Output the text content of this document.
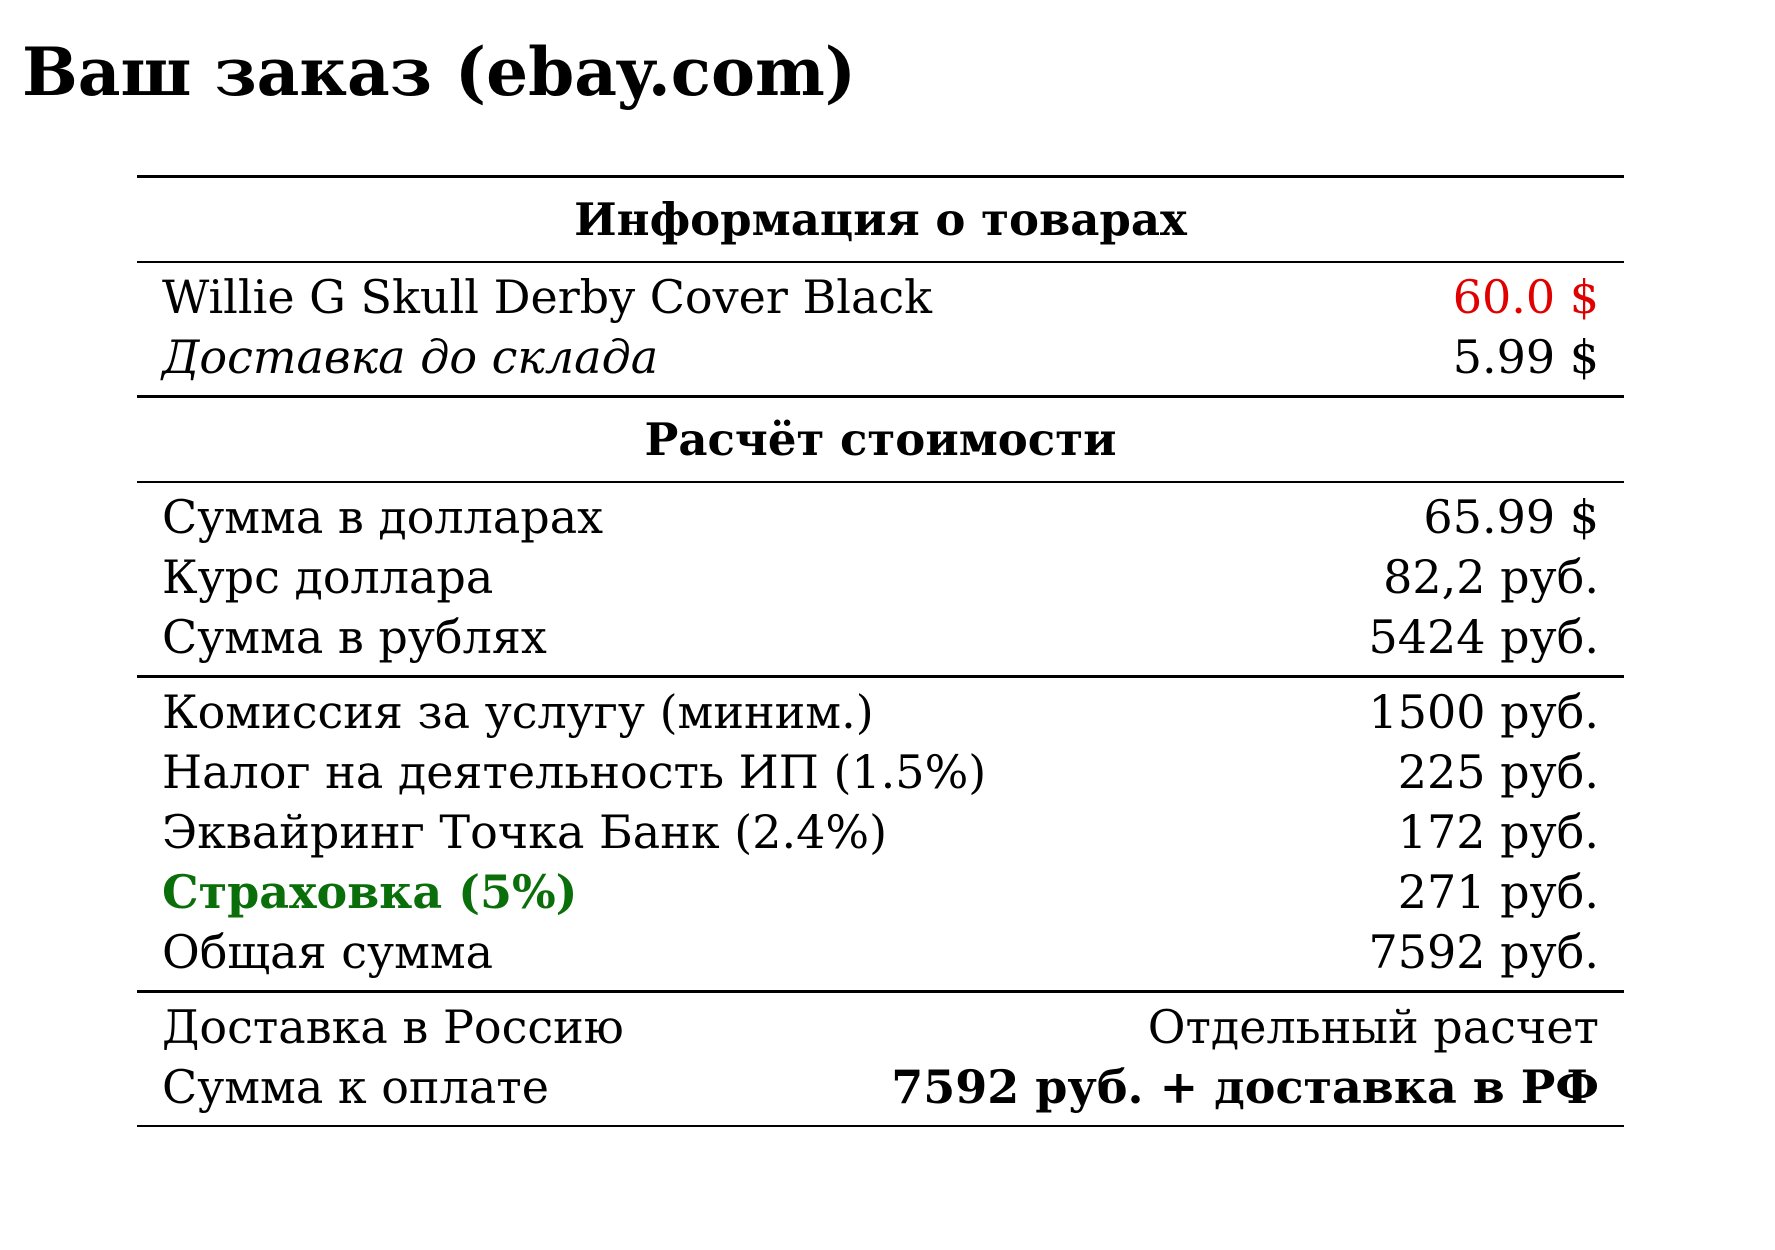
Ваш заказ (ebay.com)
Информация о товарах
Willie G Skull Derby Cover Black	60.0 $
Доставка до склада	5.99 $
Расчёт стоимости
Сумма в долларах	65.99 $
Курс доллара	82,2 руб.
Сумма в рублях	5424 руб.
Комиссия за услугу (миним.)	1500 руб.
Налог на деятельность ИП (1.5%)	225 руб.
Эквайринг Точка Банк (2.4%)	172 руб.
Страховка (5%)	271 руб.
Общая сумма	7592 руб.
Доставка в Россию	Отдельный расчет
Сумма к оплате	7592 руб. + доставка в РФ
